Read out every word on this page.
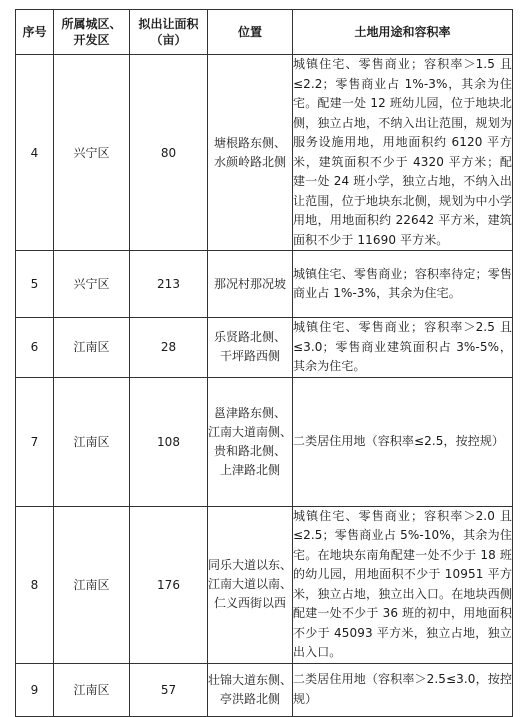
序号	所属城区、
开发区	拟出让面积
（亩）	位置	土地用途和容积率
4	兴宁区	80	塘根路东侧、
水颜岭路北侧	城镇住宅、零售商业；容积率＞1.5 且≤2.2；零售商业占 1%-3%，其余为住宅。配建一处 12 班幼儿园，位于地块北侧，独立占地，不纳入出让范围，规划为服务设施用地，用地面积约 6120 平方米，建筑面积不少于 4320 平方米；配建一处 24 班小学，独立占地，不纳入出让范围，位于地块东北侧，规划为中小学用地，用地面积约 22642 平方米，建筑面积不少于 11690 平方米。
5	兴宁区	213	那况村那况坡	城镇住宅、零售商业；容积率待定；零售商业占 1%-3%，其余为住宅。
6	江南区	28	乐贤路北侧、
干坪路西侧	城镇住宅、零售商业；容积率＞2.5 且≤3.0；零售商业建筑面积占 3%-5%，其余为住宅。
7	江南区	108	邕津路东侧、
江南大道南侧、
贵和路北侧、
上津路北侧	二类居住用地（容积率≤2.5，按控规）
8	江南区	176	同乐大道以东、
江南大道以南、
仁义西街以西	城镇住宅、零售商业；容积率＞2.0 且≤2.5；零售商业占 5%-10%，其余为住宅。在地块东南角配建一处不少于 18 班的幼儿园，用地面积不少于 10951 平方米，独立占地，独立出入口。在地块西侧配建一处不少于 36 班的初中，用地面积不少于 45093 平方米，独立占地，独立出入口。
9	江南区	57	壮锦大道东侧、
亭洪路北侧	二类居住用地（容积率＞2.5≤3.0，按控规）
